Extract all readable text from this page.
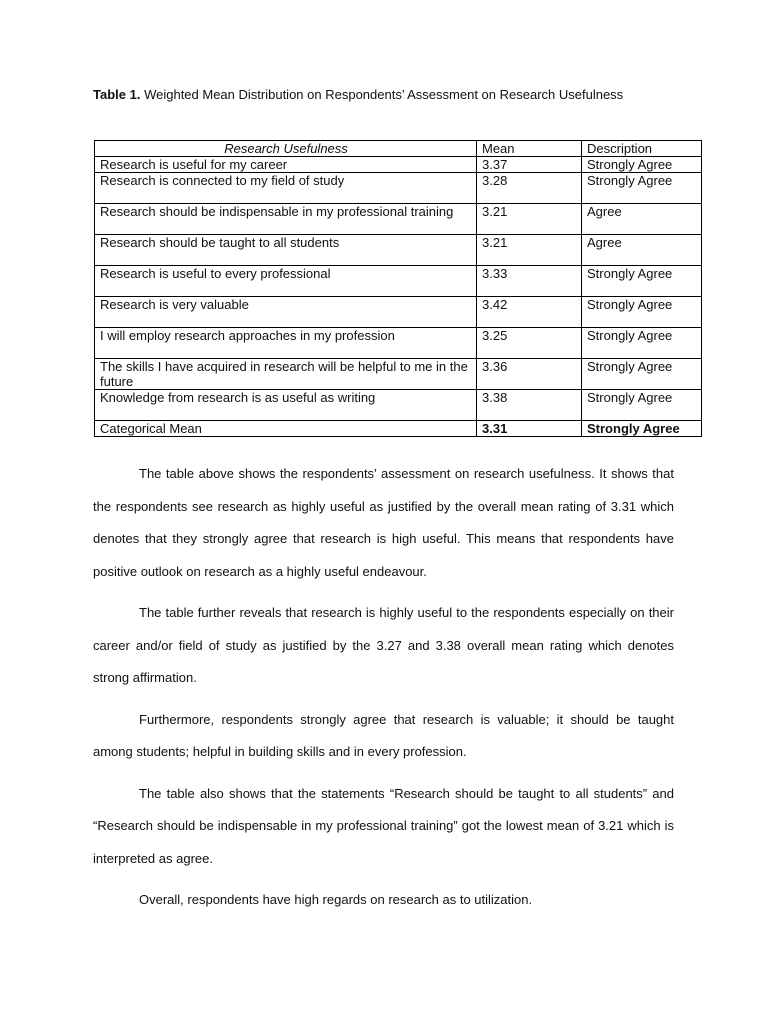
Table 1. Weighted Mean Distribution on Respondents’ Assessment on Research Usefulness
Research Usefulness	Mean	Description
Research is useful for my career	3.37	Strongly Agree
Research is connected to my field of study	3.28	Strongly Agree
Research should be indispensable in my professional training	3.21	Agree
Research should be taught to all students	3.21	Agree
Research is useful to every professional	3.33	Strongly Agree
Research is very valuable	3.42	Strongly Agree
I will employ research approaches in my profession	3.25	Strongly Agree
The skills I have acquired in research will be helpful to me in the future	3.36	Strongly Agree
Knowledge from research is as useful as writing	3.38	Strongly Agree
Categorical Mean	3.31	Strongly Agree

The table above shows the respondents’ assessment on research usefulness. It shows that the respondents see research as highly useful as justified by the overall mean rating of 3.31 which denotes that they strongly agree that research is high useful. This means that respondents have positive outlook on research as a highly useful endeavour.

The table further reveals that research is highly useful to the respondents especially on their career and/or field of study as justified by the 3.27 and 3.38 overall mean rating which denotes strong affirmation.

Furthermore, respondents strongly agree that research is valuable; it should be taught among students; helpful in building skills and in every profession.

The table also shows that the statements “Research should be taught to all students” and “Research should be indispensable in my professional training” got the lowest mean of 3.21 which is interpreted as agree.

Overall, respondents have high regards on research as to utilization.
